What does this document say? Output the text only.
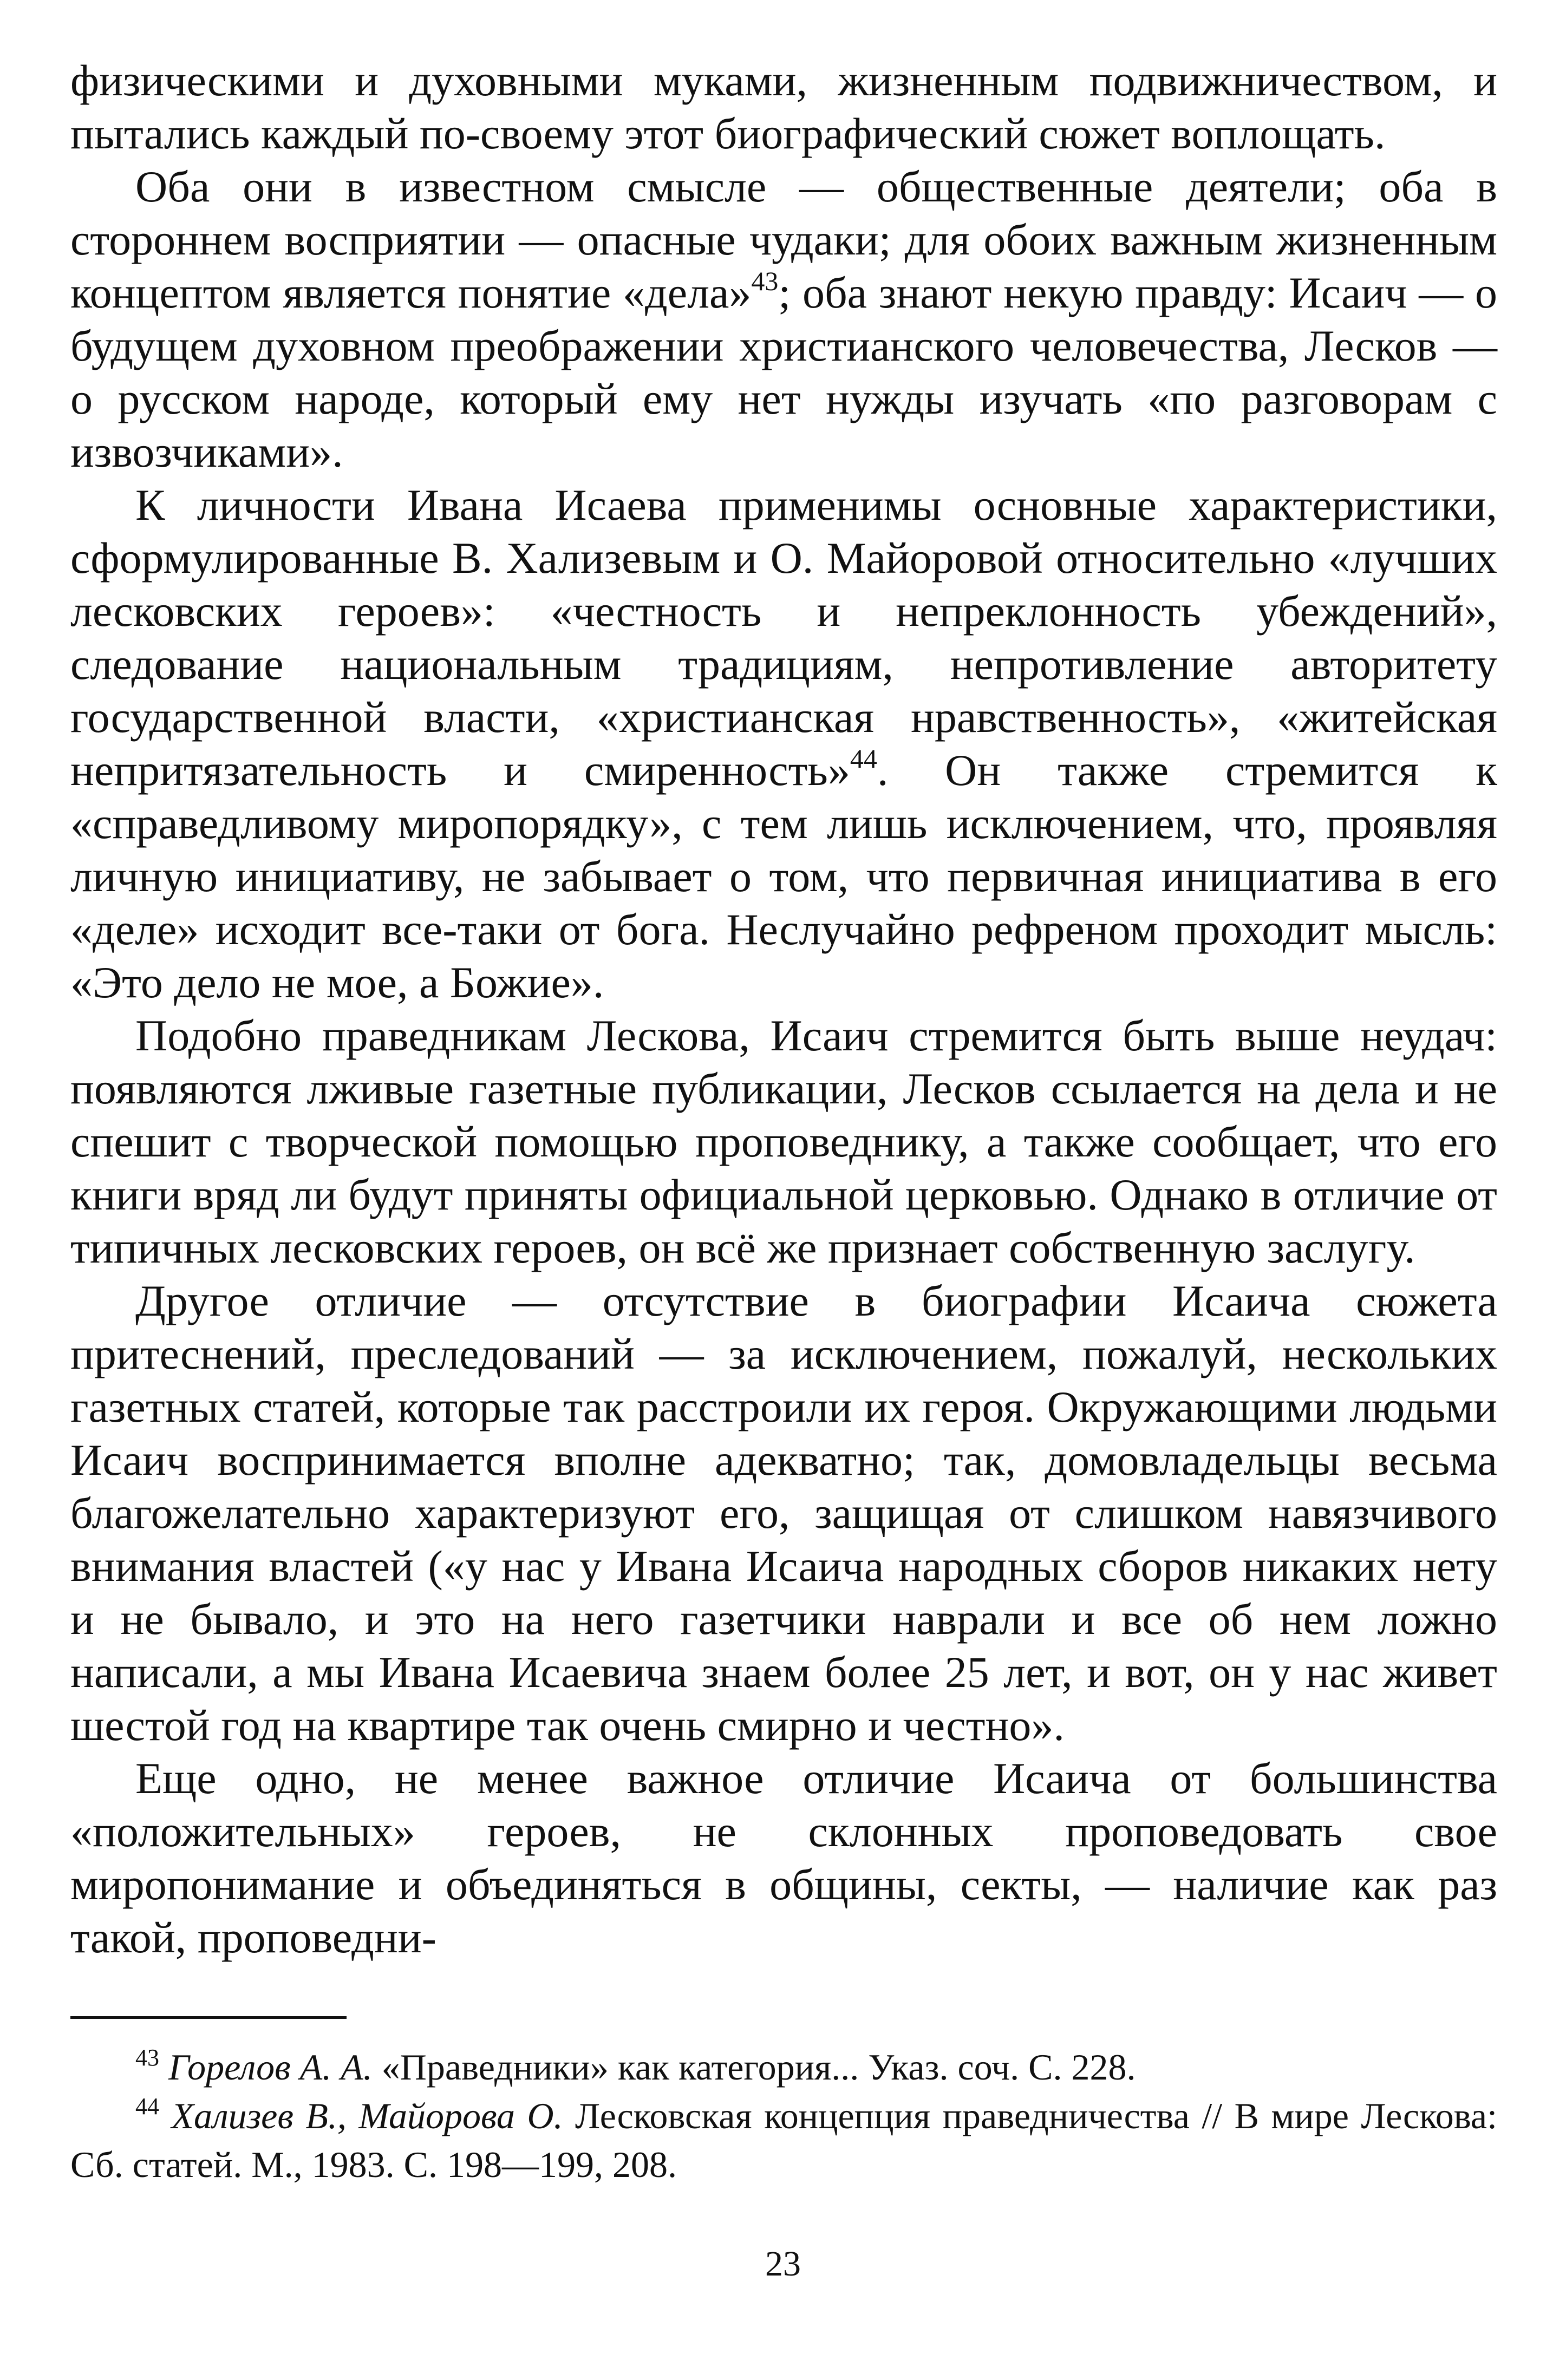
физическими и духовными муками, жизненным подвижничеством, и пытались каждый по-своему этот биографический сюжет воплощать.

Оба они в известном смысле — общественные деятели; оба в стороннем восприятии — опасные чудаки; для обоих важным жизненным концептом является понятие «дела»$^{43}$; оба знают некую правду: Исаич — о будущем духовном преображении христианского человечества, Лесков — о русском народе, который ему нет нужды изучать «по разговорам с извозчиками».

К личности Ивана Исаева применимы основные характеристики, сформулированные В. Хализевым и О. Майоровой относительно «лучших лесковских героев»: «честность и непреклонность убеждений», следование национальным традициям, непротивление авторитету государственной власти, «христианская нравственность», «житейская непритязательность и смиренность»$^{44}$. Он также стремится к «справедливому миропорядку», с тем лишь исключением, что, проявляя личную инициативу, не забывает о том, что первичная инициатива в его «деле» исходит все-таки от бога. Неслучайно рефреном проходит мысль: «Это дело не мое, а Божие».

Подобно праведникам Лескова, Исаич стремится быть выше неудач: появляются лживые газетные публикации, Лесков ссылается на дела и не спешит с творческой помощью проповеднику, а также сообщает, что его книги вряд ли будут приняты официальной церковью. Однако в отличие от типичных лесковских героев, он всё же признает собственную заслугу.

Другое отличие — отсутствие в биографии Исаича сюжета притеснений, преследований — за исключением, пожалуй, нескольких газетных статей, которые так расстроили их героя. Окружающими людьми Исаич воспринимается вполне адекватно; так, домовладельцы весьма благожелательно характеризуют его, защищая от слишком навязчивого внимания властей («у нас у Ивана Исаича народных сборов никаких нету и не бывало, и это на него газетчики наврали и все об нем ложно написали, а мы Ивана Исаевича знаем более 25 лет, и вот, он у нас живет шестой год на квартире так очень смирно и честно».

Еще одно, не менее важное отличие Исаича от большинства «положительных» героев, не склонных проповедовать свое миропонимание и объединяться в общины, секты, — наличие как раз такой, проповедни-

$^{43}$ Горелов А. А. «Праведники» как категория... Указ. соч. С. 228.

$^{44}$ Хализев В., Майорова О. Лесковская концепция праведничества // В мире Лескова: Сб. статей. М., 1983. С. 198—199, 208.

23
